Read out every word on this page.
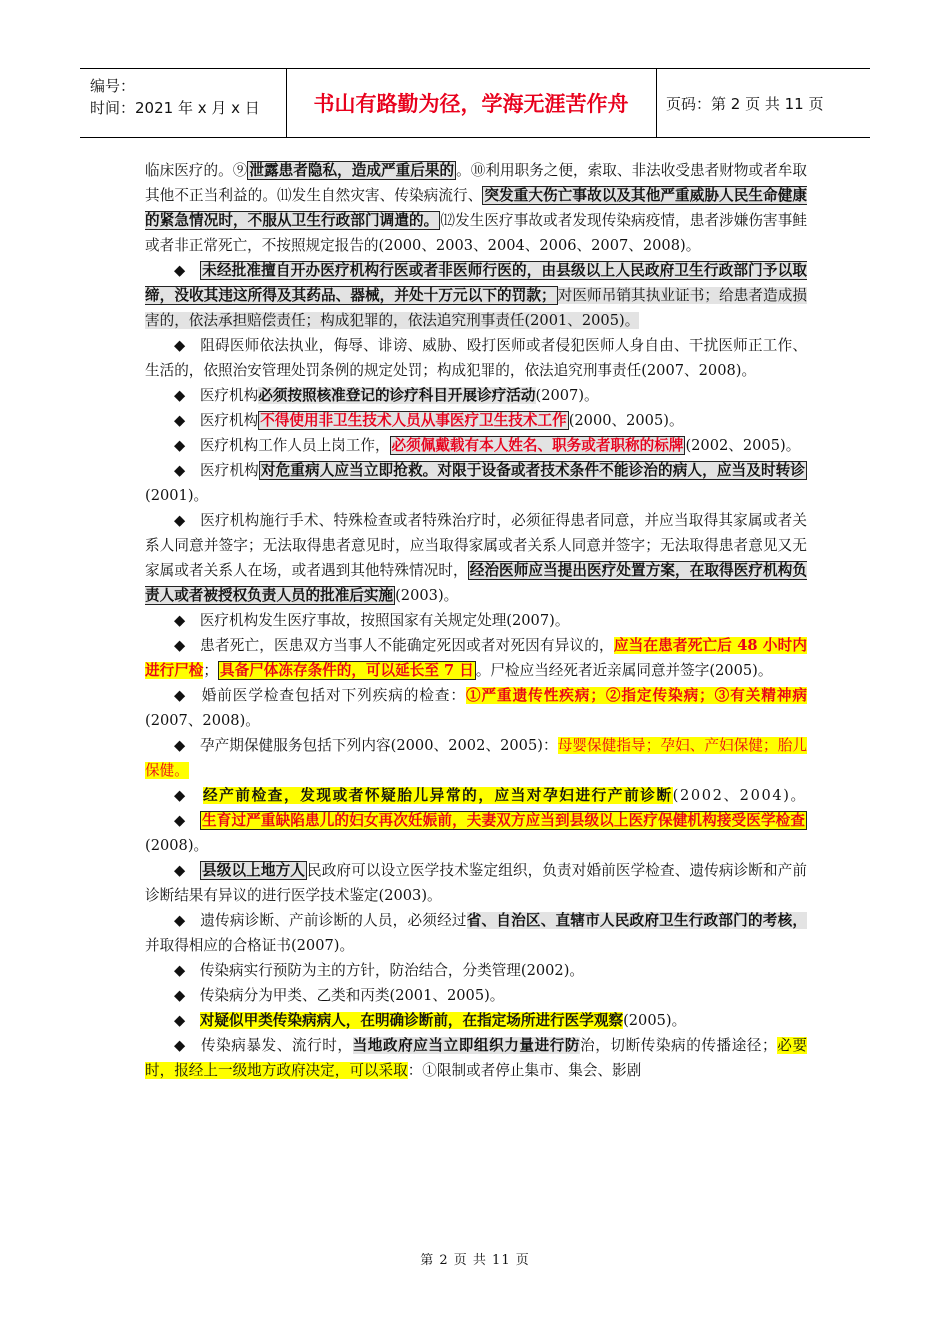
编号：
时间：2021 年 x 月 x 日	书山有路勤为径，学海无涯苦作舟	页码：第 2 页 共 11 页

临床医疗的。⑨ 泄露患者隐私，造成严重后果的 。⑩利用职务之便，索取、非法收受患者财物或者牟取其他不正当利益的。⑾发生自然灾害、传染病流行、 突发重大伤亡事故以及其他严重威胁人民生命健康的紧急情况时，不服从卫生行政部门调遣的。 ⑿发生医疗事故或者发现传染病疫情，患者涉嫌伤害事鲑或者非正常死亡，不按照规定报告的(2000、2003、2004、2006、2007、2008)。

◆　 未经批准擅自开办医疗机构行医或者非医师行医的，由县级以上人民政府卫生行政部门予以取缔，没收其违这所得及其药品、器械，并处十万元以下的罚款； 对医师吊销其执业证书；给患者造成损害的，依法承担赔偿责任；构成犯罪的，依法追究刑事责任(2001、2005)。

◆　阻碍医师依法执业，侮辱、诽谤、威胁、殴打医师或者侵犯医师人身自由、干扰医师正工作、生活的，依照治安管理处罚条例的规定处罚；构成犯罪的，依法追究刑事责任(2007、2008)。

◆　医疗机构必须按照核准登记的诊疗科目开展诊疗活动(2007)。

◆　医疗机构 不得使用非卫生技术人员从事医疗卫生技术工作 (2000、2005)。

◆　医疗机构工作人员上岗工作， 必须佩戴载有本人姓名、职务或者职称的标牌 (2002、2005)。

◆　医疗机构 对危重病人应当立即抢救。对限于设备或者技术条件不能诊治的病人，应当及时转诊(2001)。

◆　医疗机构施行手术、特殊检查或者特殊治疗时，必须征得患者同意，并应当取得其家属或者关系人同意并签字；无法取得患者意见时，应当取得家属或者关系人同意并签字；无法取得患者意见又无家属或者关系人在场，或者遇到其他特殊情况时， 经治医师应当提出医疗处置方案，在取得医疗机构负责人或者被授权负责人员的批准后实施 (2003)。

◆　医疗机构发生医疗事故，按照国家有关规定处理(2007)。

◆　患者死亡，医患双方当事人不能确定死因或者对死因有异议的，应当在患者死亡后 48 小时内进行尸检； 具备尸体冻存条件的，可以延长至 7 日 。尸检应当经死者近亲属同意并签字(2005)。

◆　婚前医学检查包括对下列疾病的检查：①严重遗传性疾病；②指定传染病；③有关精神病(2007、2008)。

◆　孕产期保健服务包括下列内容(2000、2002、2005)：母婴保健指导；孕妇、产妇保健；胎儿保健。

◆　经产前检查，发现或者怀疑胎儿异常的，应当对孕妇进行产前诊断(2002、2004)。

◆　生育过严重缺陷患儿的妇女再次妊娠前，夫妻双方应当到县级以上医疗保健机构接受医学检查(2008)。

◆　县级以上地方人 民政府可以设立医学技术鉴定组织，负责对婚前医学检查、遗传病诊断和产前诊断结果有异议的进行医学技术鉴定(2003)。

◆　遗传病诊断、产前诊断的人员，必须经过省、自治区、直辖市人民政府卫生行政部门的考核，并取得相应的合格证书(2007)。

◆　传染病实行预防为主的方针，防治结合，分类管理(2002)。

◆　传染病分为甲类、乙类和丙类(2001、2005)。

◆　对疑似甲类传染病病人，在明确诊断前，在指定场所进行医学观察(2005)。

◆　传染病暴发、流行时，当地政府应当立即组织力量进行防治，切断传染病的传播途径；必要时，报经上一级地方政府决定，可以采取：①限制或者停止集市、集会、影剧

第 2 页 共 11 页
